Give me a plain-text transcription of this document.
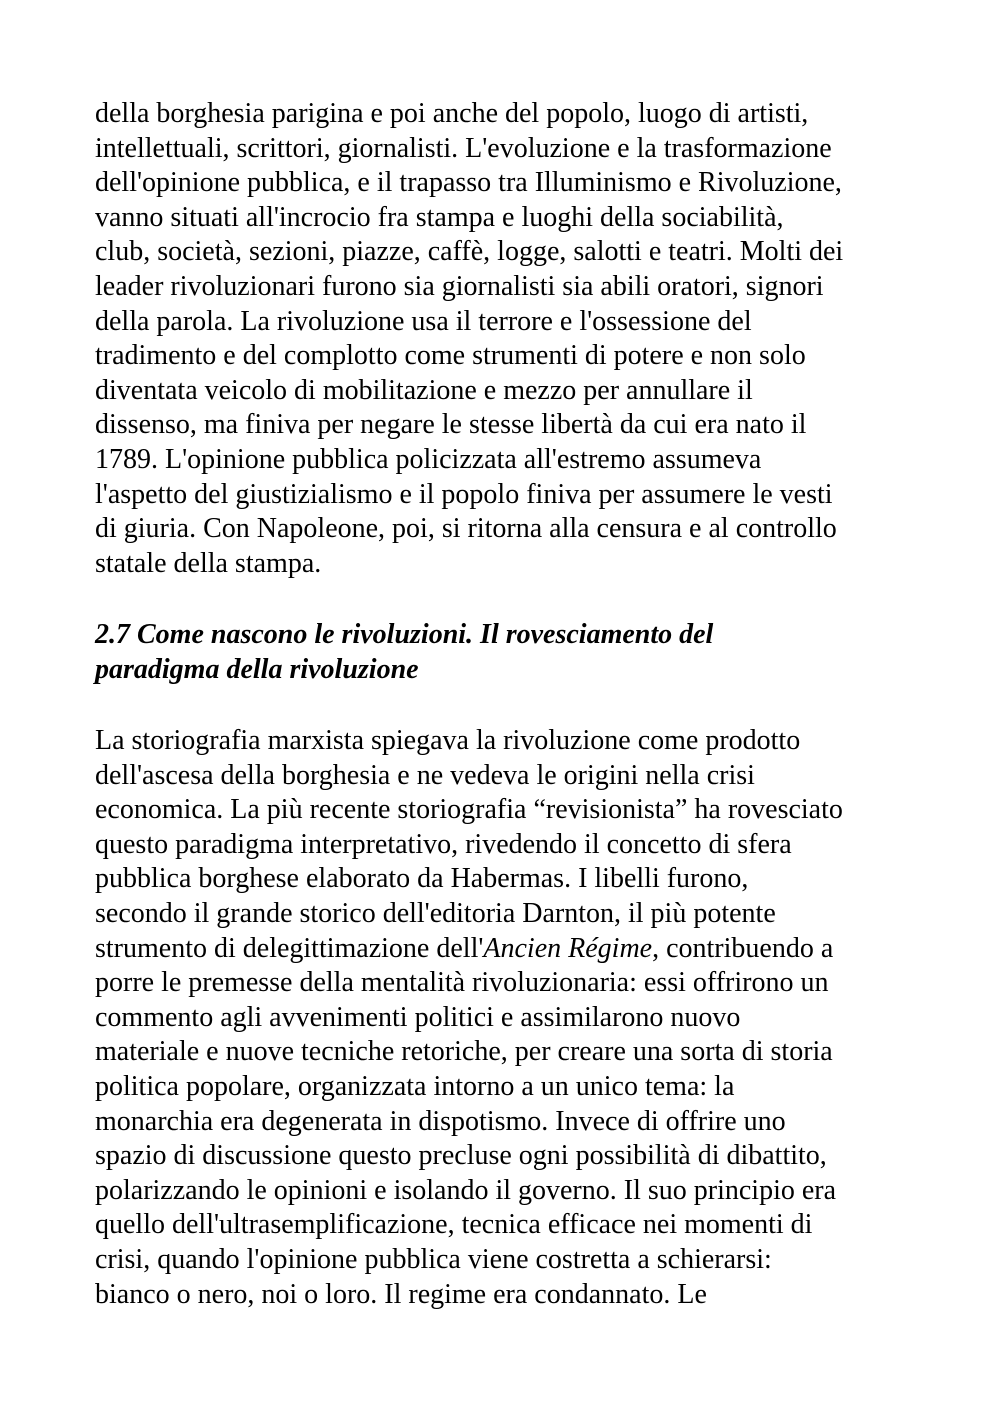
della borghesia parigina e poi anche del popolo, luogo di artisti,
intellettuali, scrittori, giornalisti. L'evoluzione e la trasformazione
dell'opinione pubblica, e il trapasso tra Illuminismo e Rivoluzione,
vanno situati all'incrocio fra stampa e luoghi della sociabilità,
club, società, sezioni, piazze, caffè, logge, salotti e teatri. Molti dei
leader rivoluzionari furono sia giornalisti sia abili oratori, signori
della parola. La rivoluzione usa il terrore e l'ossessione del
tradimento e del complotto come strumenti di potere e non solo
diventata veicolo di mobilitazione e mezzo per annullare il
dissenso, ma finiva per negare le stesse libertà da cui era nato il
1789. L'opinione pubblica policizzata all'estremo assumeva
l'aspetto del giustizialismo e il popolo finiva per assumere le vesti
di giuria. Con Napoleone, poi, si ritorna alla censura e al controllo
statale della stampa.
2.7 Come nascono le rivoluzioni. Il rovesciamento del
paradigma della rivoluzione
La storiografia marxista spiegava la rivoluzione come prodotto
dell'ascesa della borghesia e ne vedeva le origini nella crisi
economica. La più recente storiografia “revisionista” ha rovesciato
questo paradigma interpretativo, rivedendo il concetto di sfera
pubblica borghese elaborato da Habermas. I libelli furono,
secondo il grande storico dell'editoria Darnton, il più potente
strumento di delegittimazione dell'Ancien Régime, contribuendo a
porre le premesse della mentalità rivoluzionaria: essi offrirono un
commento agli avvenimenti politici e assimilarono nuovo
materiale e nuove tecniche retoriche, per creare una sorta di storia
politica popolare, organizzata intorno a un unico tema: la
monarchia era degenerata in dispotismo. Invece di offrire uno
spazio di discussione questo precluse ogni possibilità di dibattito,
polarizzando le opinioni e isolando il governo. Il suo principio era
quello dell'ultrasemplificazione, tecnica efficace nei momenti di
crisi, quando l'opinione pubblica viene costretta a schierarsi:
bianco o nero, noi o loro. Il regime era condannato. Le
